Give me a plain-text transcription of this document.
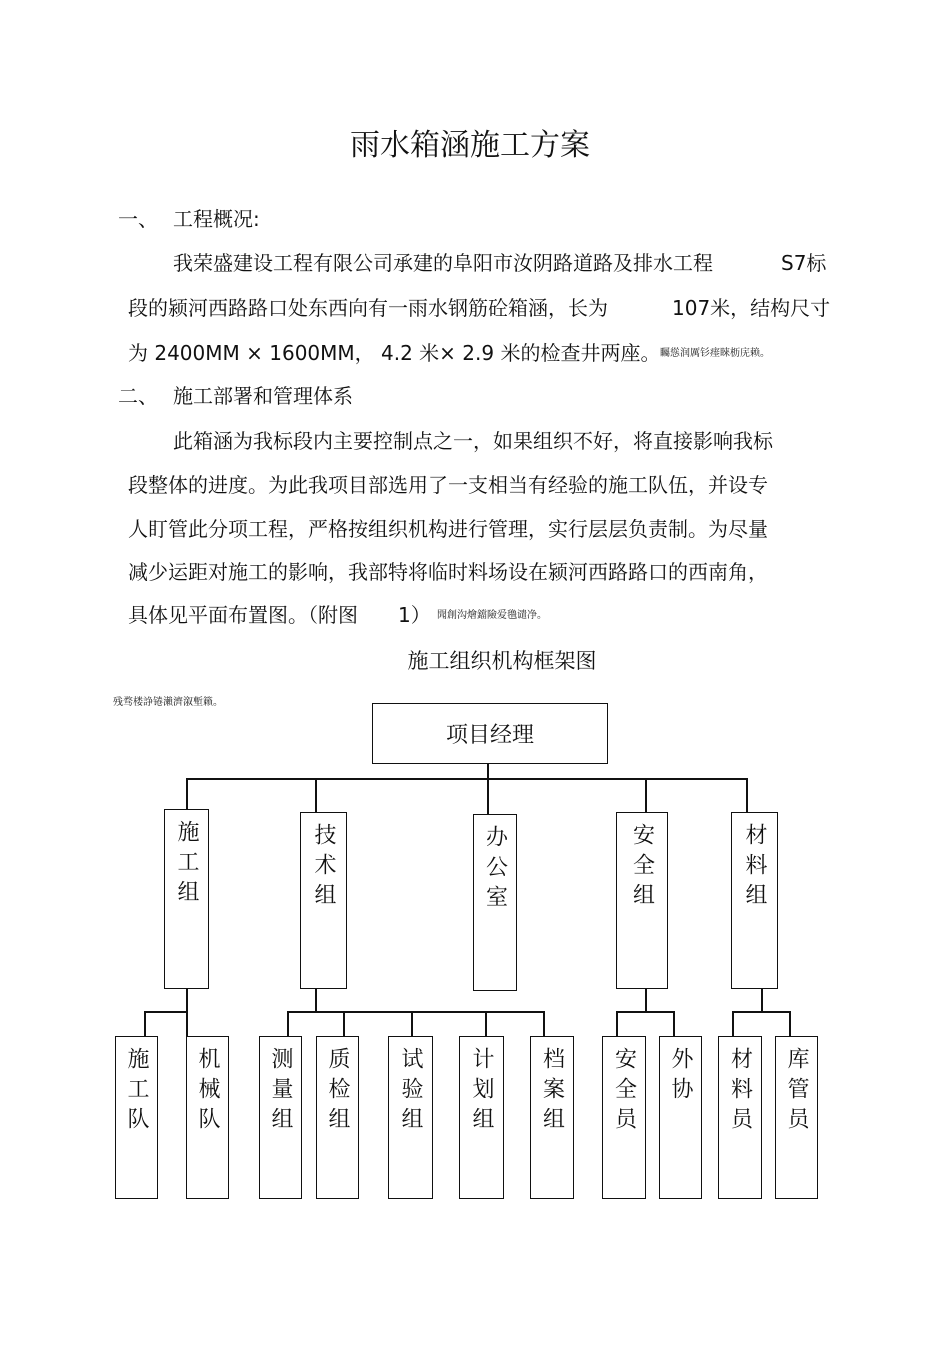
雨水箱涵施工方案
一、 工程概况:
我荣盛建设工程有限公司承建的阜阳市汝阴路道路及排水工程	S7标
段的颍河西路路口处东西向有一雨水钢筋砼箱涵，长为	107米，结构尺寸
为 2400MM × 1600MM， 4.2 米× 2.9 米的检查井两座。 矚慫润厲钐瘗睞枥庑赖。
二、 施工部署和管理体系
此箱涵为我标段内主要控制点之一，如果组织不好，将直接影响我标
段整体的进度。为此我项目部选用了一支相当有经验的施工队伍，并设专
人盯管此分项工程，严格按组织机构进行管理，实行层层负责制。为尽量
减少运距对施工的影响，我部特将临时料场设在颍河西路路口的西南角，
具体见平面布置图。（附图 1） 聞創沟燴鐺險爱氇谴净。
施工组织机构框架图
残骛楼諍锩瀨濟溆塹籟。
项目经理
施工组	技术组	办公室	安全组	材料组
施工队 机械队 测量组 质检组 试验组 计划组 档案组 安全员 外协 材料员 库管员
